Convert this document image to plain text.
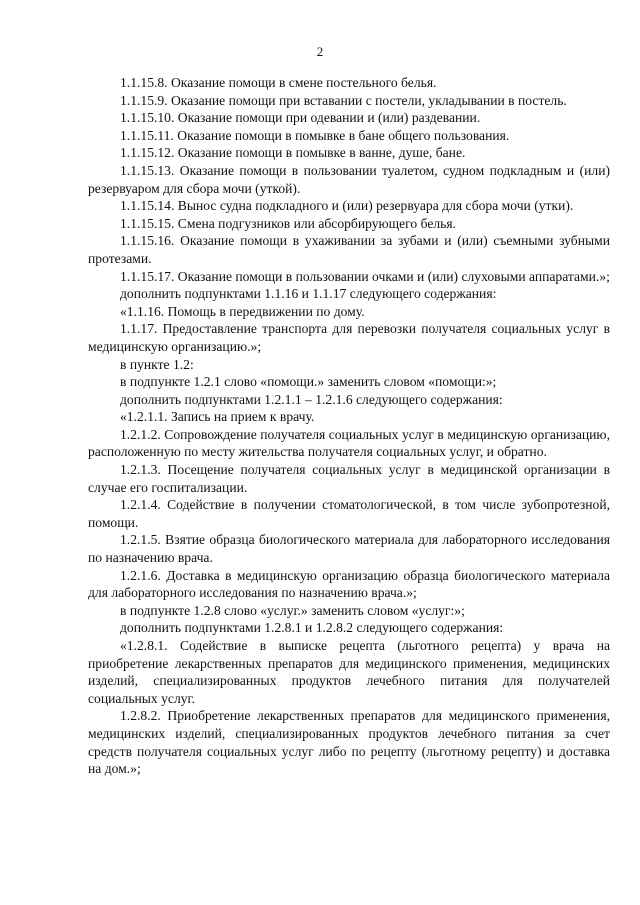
2

1.1.15.8. Оказание помощи в смене постельного белья.

1.1.15.9. Оказание помощи при вставании с постели, укладывании в постель.

1.1.15.10. Оказание помощи при одевании и (или) раздевании.

1.1.15.11. Оказание помощи в помывке в бане общего пользования.

1.1.15.12. Оказание помощи в помывке в ванне, душе, бане.

1.1.15.13. Оказание помощи в пользовании туалетом, судном подкладным и (или) резервуаром для сбора мочи (уткой).

1.1.15.14. Вынос судна подкладного и (или) резервуара для сбора мочи (утки).

1.1.15.15. Смена подгузников или абсорбирующего белья.

1.1.15.16. Оказание помощи в ухаживании за зубами и (или) съемными зубными протезами.

1.1.15.17. Оказание помощи в пользовании очками и (или) слуховыми аппаратами.»;

дополнить подпунктами 1.1.16 и 1.1.17 следующего содержания:

«1.1.16. Помощь в передвижении по дому.

1.1.17. Предоставление транспорта для перевозки получателя социальных услуг в медицинскую организацию.»;

в пункте 1.2:

в подпункте 1.2.1 слово «помощи.» заменить словом «помощи:»;

дополнить подпунктами 1.2.1.1 – 1.2.1.6 следующего содержания:

«1.2.1.1. Запись на прием к врачу.

1.2.1.2. Сопровождение получателя социальных услуг в медицинскую организацию, расположенную по месту жительства получателя социальных услуг, и обратно.

1.2.1.3. Посещение получателя социальных услуг в медицинской организации в случае его госпитализации.

1.2.1.4. Содействие в получении стоматологической, в том числе зубопротезной, помощи.

1.2.1.5. Взятие образца биологического материала для лабораторного исследования по назначению врача.

1.2.1.6. Доставка в медицинскую организацию образца биологического материала для лабораторного исследования по назначению врача.»;

в подпункте 1.2.8 слово «услуг.» заменить словом «услуг:»;

дополнить подпунктами 1.2.8.1 и 1.2.8.2 следующего содержания:

«1.2.8.1. Содействие в выписке рецепта (льготного рецепта) у врача на приобретение лекарственных препаратов для медицинского применения, медицинских изделий, специализированных продуктов лечебного питания для получателей социальных услуг.

1.2.8.2. Приобретение лекарственных препаратов для медицинского применения, медицинских изделий, специализированных продуктов лечебного питания за счет средств получателя социальных услуг либо по рецепту (льготному рецепту) и доставка на дом.»;
